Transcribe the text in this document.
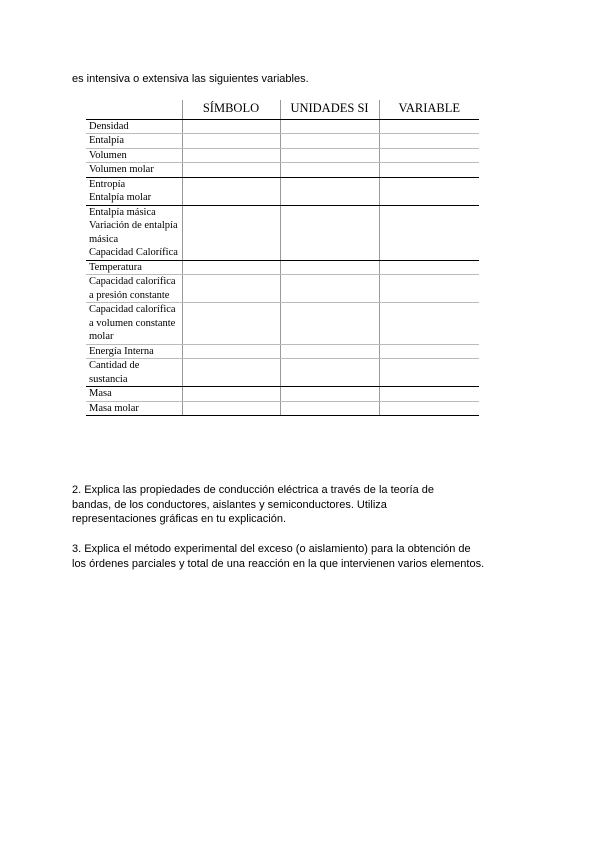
es intensiva o extensiva las siguientes variables.

	SÍMBOLO	UNIDADES SI	VARIABLE

Densidad			

Entalpía			

Volumen			

Volumen molar			

Entropía
Entalpía molar			

Entalpía másica
Variación de entalpía másica
Capacidad Calorífica			

Temperatura			

Capacidad calorífica a presión constante			

Capacidad calorífica a volumen constante molar			

Energía Interna			

Cantidad de sustancia			

Masa			

Masa molar			

2. Explica las propiedades de conducción eléctrica a través de la teoría de
bandas, de los conductores, aislantes y semiconductores. Utiliza
representaciones gráficas en tu explicación.

3. Explica el método experimental del exceso (o aislamiento) para la obtención de
los órdenes parciales y total de una reacción en la que intervienen varios elementos.
